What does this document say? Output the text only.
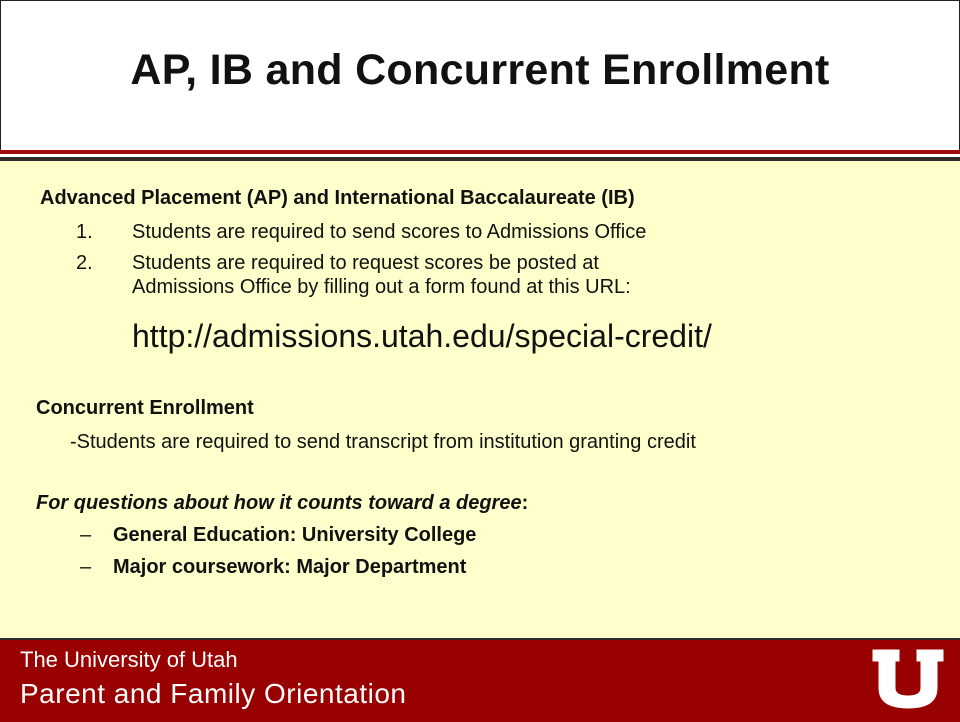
AP, IB and Concurrent Enrollment
Advanced Placement (AP) and International Baccalaureate (IB)
1. Students are required to send scores to Admissions Office
2. Students are required to request scores be posted at
Admissions Office by filling out a form found at this URL:
http://admissions.utah.edu/special-credit/
Concurrent Enrollment
-Students are required to send transcript from institution granting credit
For questions about how it counts toward a degree:
– General Education: University College
– Major coursework: Major Department
The University of Utah
Parent and Family Orientation
